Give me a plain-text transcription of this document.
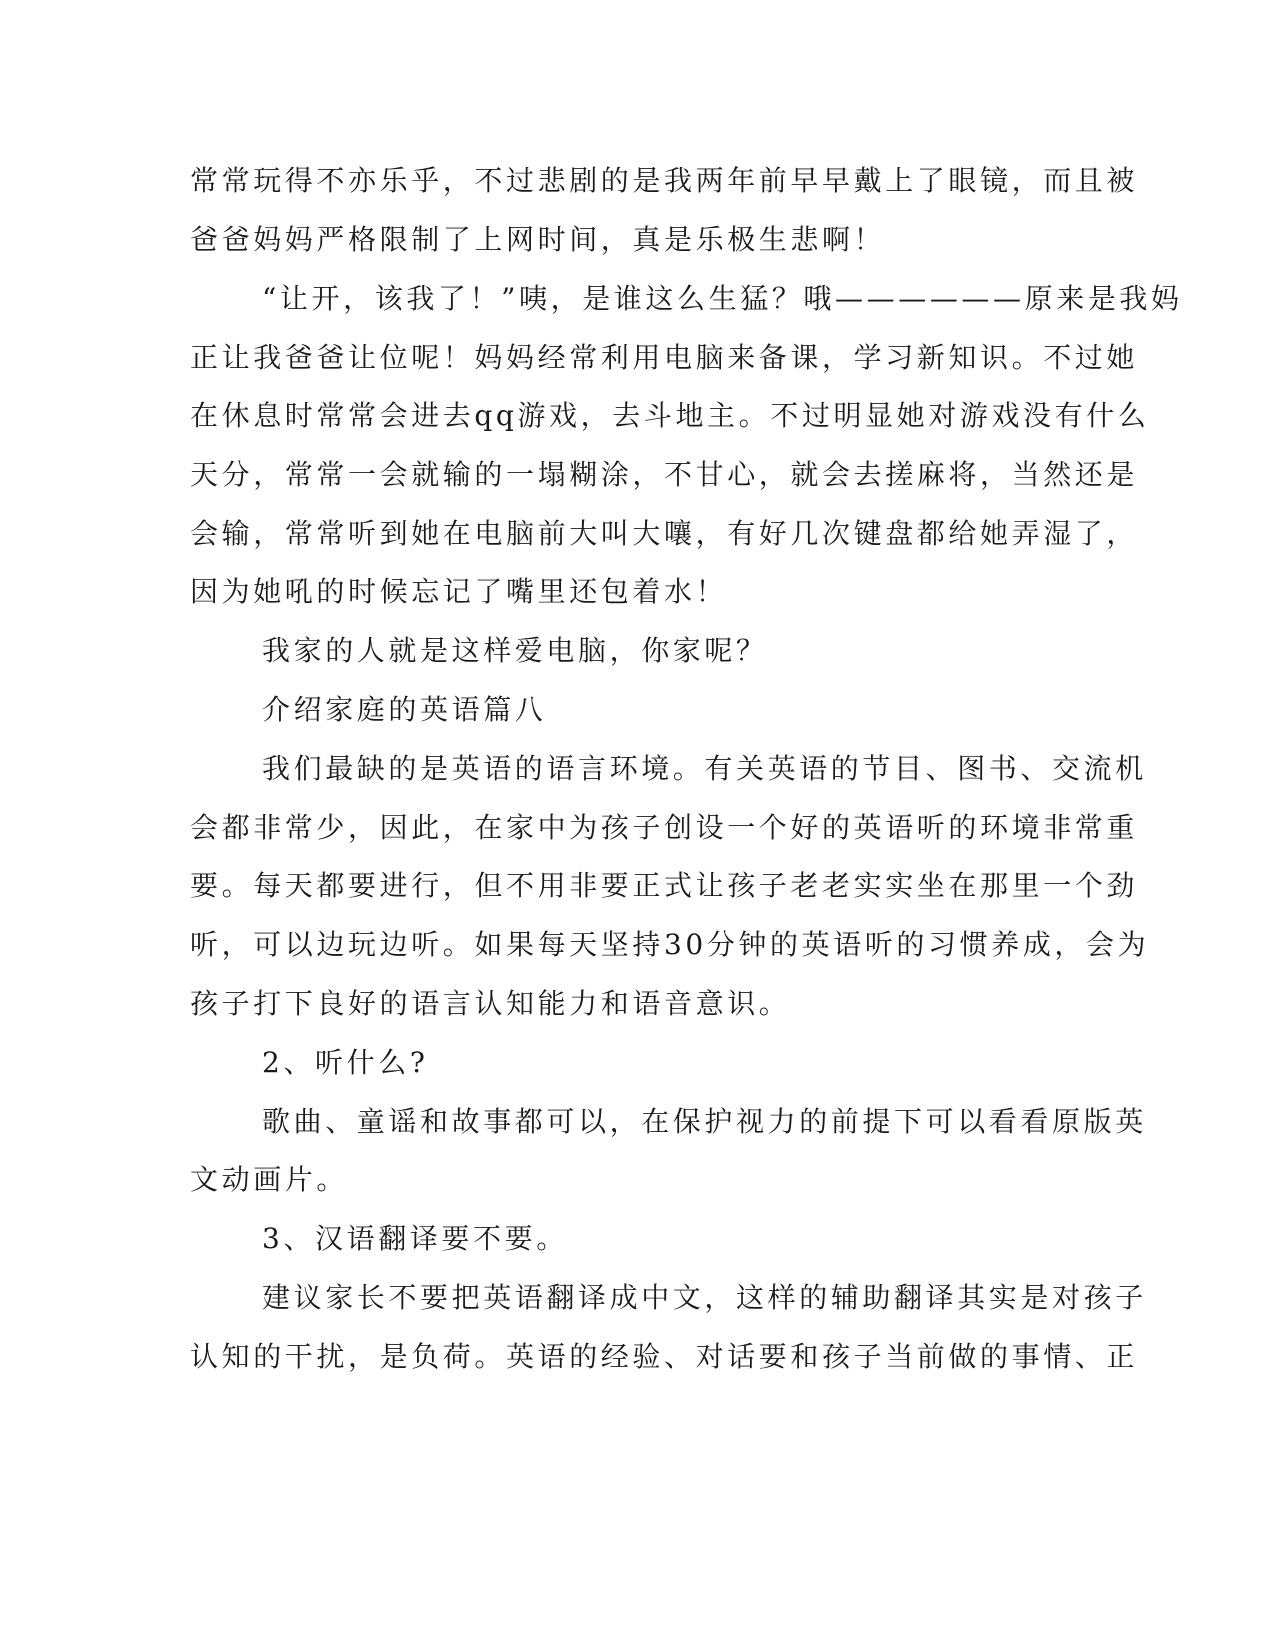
常常玩得不亦乐乎，不过悲剧的是我两年前早早戴上了眼镜，而且被
爸爸妈妈严格限制了上网时间，真是乐极生悲啊！
“让开，该我了！”咦，是谁这么生猛？哦——————原来是我妈
正让我爸爸让位呢！妈妈经常利用电脑来备课，学习新知识。不过她
在休息时常常会进去qq游戏，去斗地主。不过明显她对游戏没有什么
天分，常常一会就输的一塌糊涂，不甘心，就会去搓麻将，当然还是
会输，常常听到她在电脑前大叫大嚷，有好几次键盘都给她弄湿了，
因为她吼的时候忘记了嘴里还包着水！
我家的人就是这样爱电脑，你家呢？
介绍家庭的英语篇八
我们最缺的是英语的语言环境。有关英语的节目、图书、交流机
会都非常少，因此，在家中为孩子创设一个好的英语听的环境非常重
要。每天都要进行，但不用非要正式让孩子老老实实坐在那里一个劲
听，可以边玩边听。如果每天坚持30分钟的英语听的习惯养成，会为
孩子打下良好的语言认知能力和语音意识。
2、听什么?
歌曲、童谣和故事都可以，在保护视力的前提下可以看看原版英
文动画片。
3、汉语翻译要不要。
建议家长不要把英语翻译成中文，这样的辅助翻译其实是对孩子
认知的干扰，是负荷。英语的经验、对话要和孩子当前做的事情、正
